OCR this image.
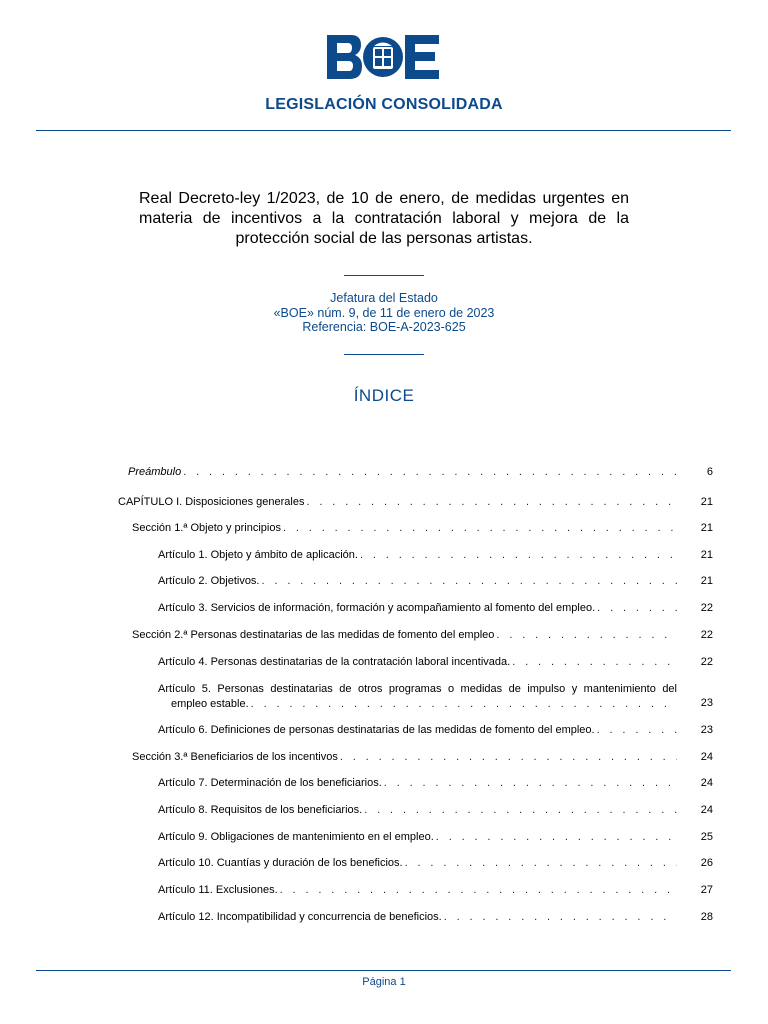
LEGISLACIÓN CONSOLIDADA
Real Decreto-ley 1/2023, de 10 de enero, de medidas urgentes en materia de incentivos a la contratación laboral y mejora de la protección social de las personas artistas.
Jefatura del Estado
«BOE» núm. 9, de 11 de enero de 2023
Referencia: BOE-A-2023-625
ÍNDICE
Preámbulo . . .	6
CAPÍTULO I. Disposiciones generales . . .	21
Sección 1.ª Objeto y principios . . .	21
Artículo 1. Objeto y ámbito de aplicación. . . .	21
Artículo 2. Objetivos. . . .	21
Artículo 3. Servicios de información, formación y acompañamiento al fomento del empleo. . . .	22
Sección 2.ª Personas destinatarias de las medidas de fomento del empleo . . .	22
Artículo 4. Personas destinatarias de la contratación laboral incentivada. . . .	22
Artículo 5. Personas destinatarias de otros programas o medidas de impulso y mantenimiento del
empleo estable. . . .	23
Artículo 6. Definiciones de personas destinatarias de las medidas de fomento del empleo. . . .	23
Sección 3.ª Beneficiarios de los incentivos . . .	24
Artículo 7. Determinación de los beneficiarios. . . .	24
Artículo 8. Requisitos de los beneficiarios. . . .	24
Artículo 9. Obligaciones de mantenimiento en el empleo. . . .	25
Artículo 10. Cuantías y duración de los beneficios. . . .	26
Artículo 11. Exclusiones. . . .	27
Artículo 12. Incompatibilidad y concurrencia de beneficios. . . .	28
Página 1
